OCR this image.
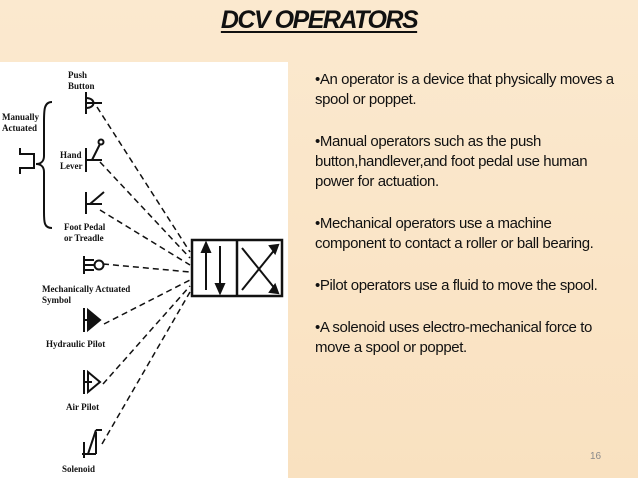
DCV OPERATORS
Push
Button
Manually
Actuated
Hand
Lever
Foot Pedal
or Treadle
Mechanically Actuated
Symbol
Hydraulic Pilot
Air Pilot
Solenoid

•An operator is a device that physically moves a spool or poppet.

•Manual operators such as the push button,handlever,and foot pedal use human power for actuation.

•Mechanical operators use a machine component to contact a roller or ball bearing.

•Pilot operators use a fluid to move the spool.

•A solenoid uses electro-mechanical force to move a spool or poppet.

16
